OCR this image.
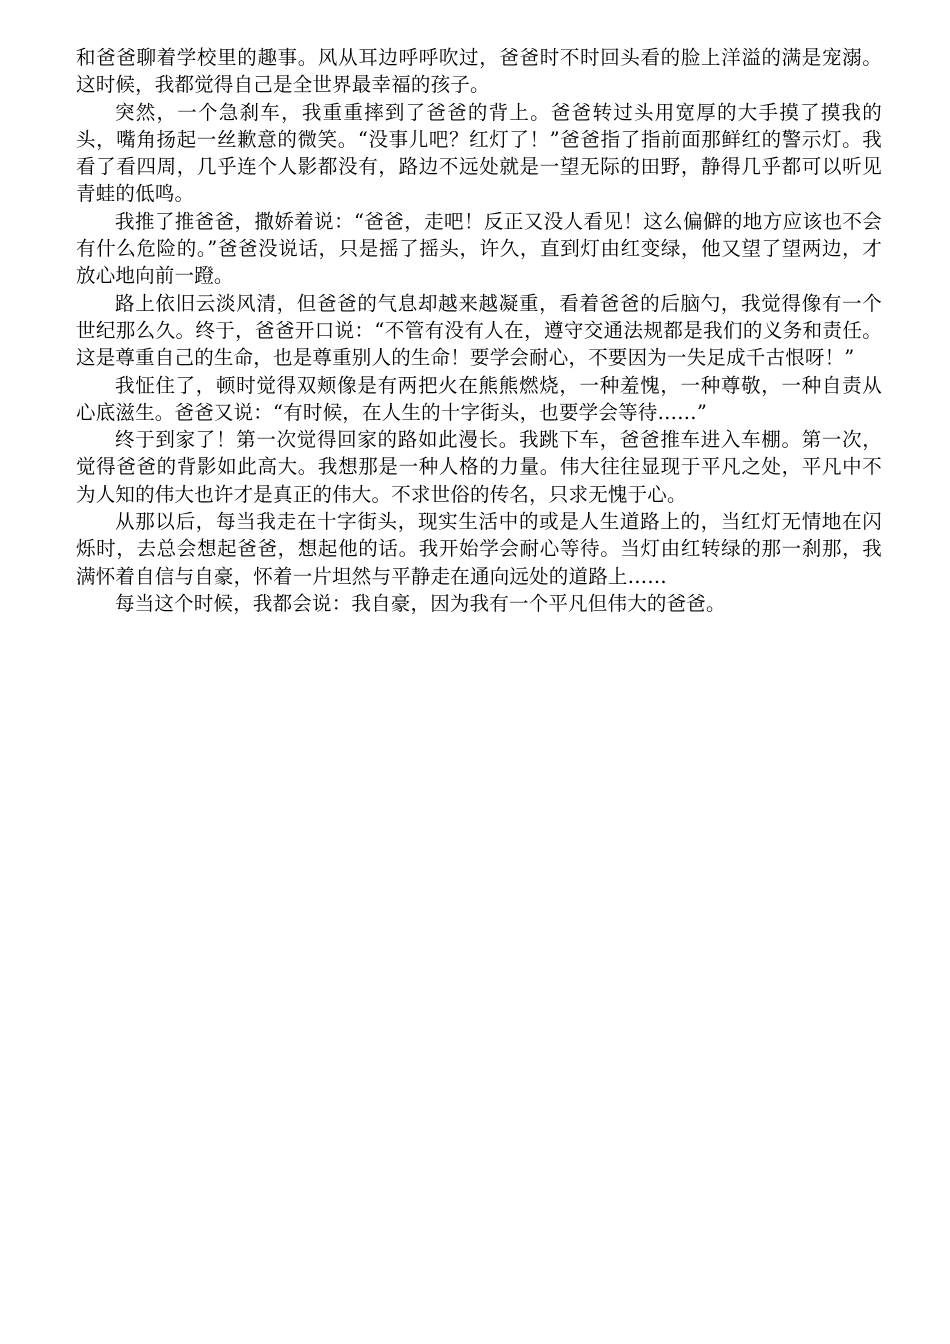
和爸爸聊着学校里的趣事。风从耳边呼呼吹过，爸爸时不时回头看的脸上洋溢的满是宠溺。这时候，我都觉得自己是全世界最幸福的孩子。

突然，一个急刹车，我重重摔到了爸爸的背上。爸爸转过头用宽厚的大手摸了摸我的头，嘴角扬起一丝歉意的微笑。“没事儿吧？红灯了！”爸爸指了指前面那鲜红的警示灯。我看了看四周，几乎连个人影都没有，路边不远处就是一望无际的田野，静得几乎都可以听见青蛙的低鸣。

我推了推爸爸，撒娇着说：“爸爸，走吧！反正又没人看见！这么偏僻的地方应该也不会有什么危险的。”爸爸没说话，只是摇了摇头，许久，直到灯由红变绿，他又望了望两边，才放心地向前一蹬。

路上依旧云淡风清，但爸爸的气息却越来越凝重，看着爸爸的后脑勺，我觉得像有一个世纪那么久。终于，爸爸开口说：“不管有没有人在，遵守交通法规都是我们的义务和责任。这是尊重自己的生命，也是尊重别人的生命！要学会耐心，不要因为一失足成千古恨呀！”

我怔住了，顿时觉得双颊像是有两把火在熊熊燃烧，一种羞愧，一种尊敬，一种自责从心底滋生。爸爸又说：“有时候，在人生的十字街头，也要学会等待……”

终于到家了！第一次觉得回家的路如此漫长。我跳下车，爸爸推车进入车棚。第一次，觉得爸爸的背影如此高大。我想那是一种人格的力量。伟大往往显现于平凡之处，平凡中不为人知的伟大也许才是真正的伟大。不求世俗的传名，只求无愧于心。

从那以后，每当我走在十字街头，现实生活中的或是人生道路上的，当红灯无情地在闪烁时，去总会想起爸爸，想起他的话。我开始学会耐心等待。当灯由红转绿的那一刹那，我满怀着自信与自豪，怀着一片坦然与平静走在通向远处的道路上……

每当这个时候，我都会说：我自豪，因为我有一个平凡但伟大的爸爸。
